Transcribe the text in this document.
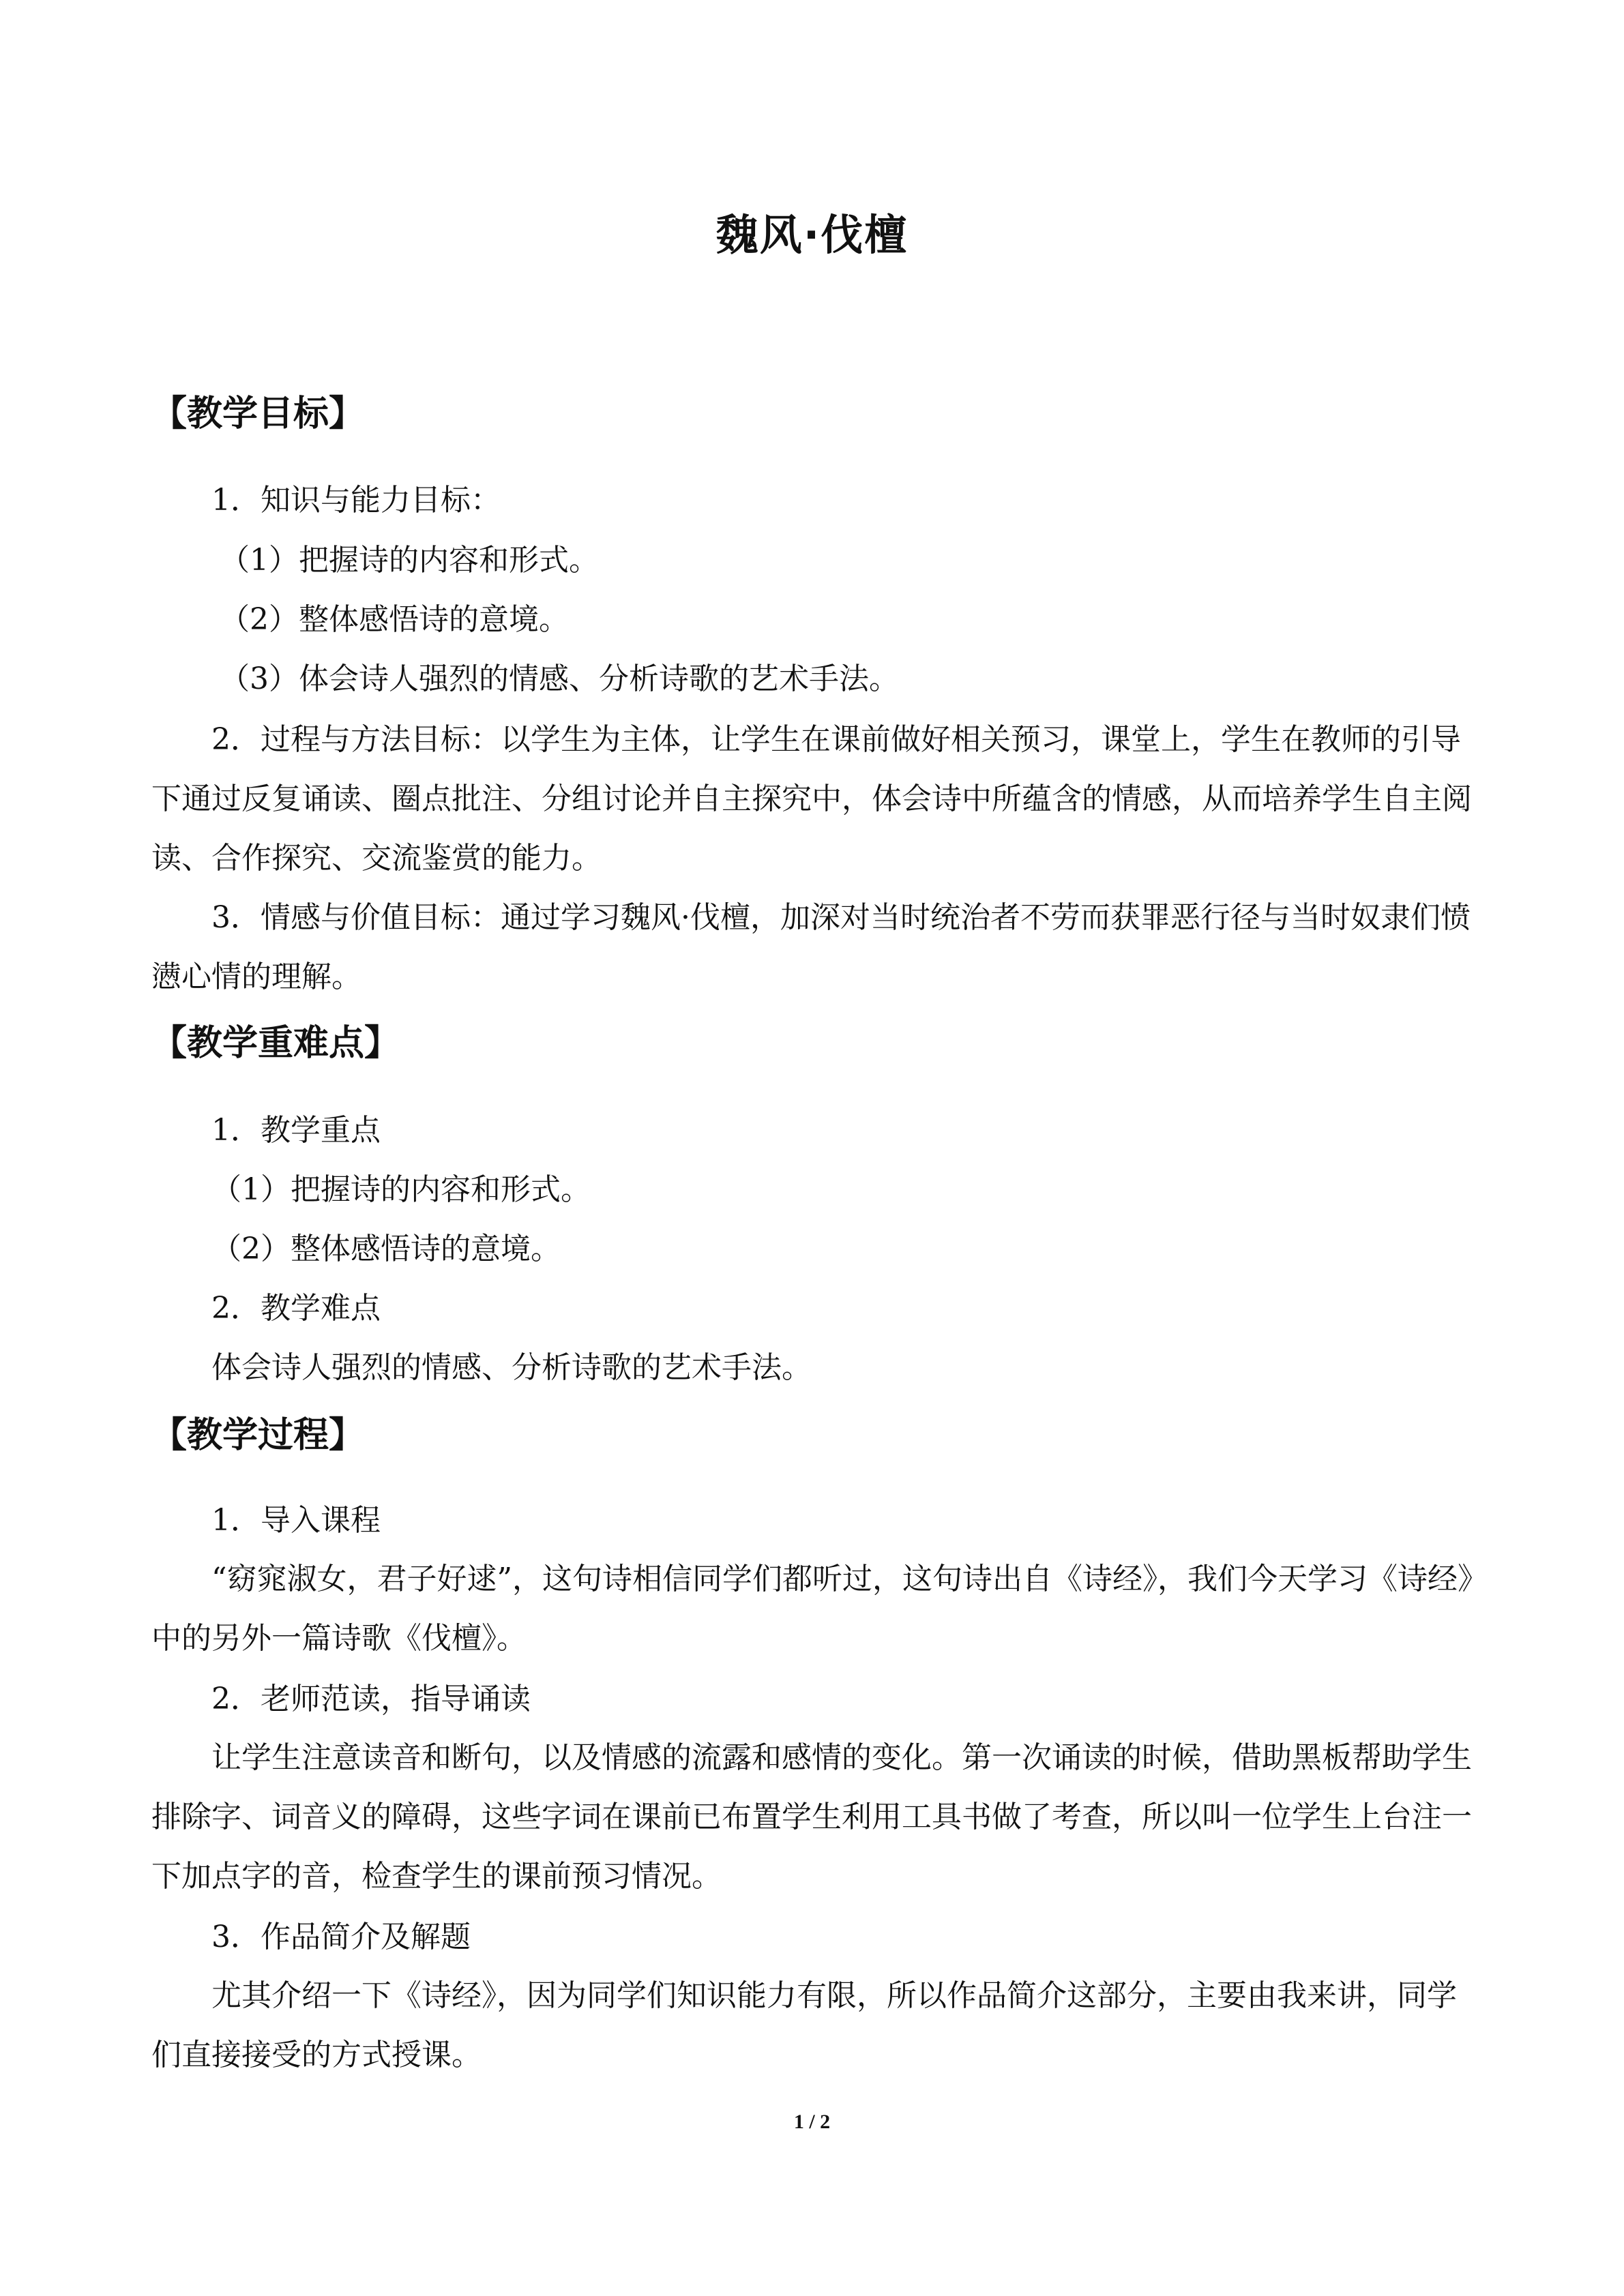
魏风·伐檀
【教学目标】
1．知识与能力目标：
（1）把握诗的内容和形式。
（2）整体感悟诗的意境。
（3）体会诗人强烈的情感、分析诗歌的艺术手法。

2．过程与方法目标：以学生为主体，让学生在课前做好相关预习，课堂上，学生在教师的引导下通过反复诵读、圈点批注、分组讨论并自主探究中，体会诗中所蕴含的情感，从而培养学生自主阅读、合作探究、交流鉴赏的能力。

3．情感与价值目标：通过学习魏风·伐檀，加深对当时统治者不劳而获罪恶行径与当时奴隶们愤懑心情的理解。

【教学重难点】
1．教学重点
（1）把握诗的内容和形式。
（2）整体感悟诗的意境。
2．教学难点
体会诗人强烈的情感、分析诗歌的艺术手法。
【教学过程】
1．导入课程

“窈窕淑女，君子好逑”，这句诗相信同学们都听过，这句诗出自《诗经》，我们今天学习《诗经》中的另外一篇诗歌《伐檀》。

2．老师范读，指导诵读

让学生注意读音和断句，以及情感的流露和感情的变化。第一次诵读的时候，借助黑板帮助学生排除字、词音义的障碍，这些字词在课前已布置学生利用工具书做了考查，所以叫一位学生上台注一下加点字的音，检查学生的课前预习情况。

3．作品简介及解题

尤其介绍一下《诗经》，因为同学们知识能力有限，所以作品简介这部分，主要由我来讲，同学们直接接受的方式授课。

1 / 2
